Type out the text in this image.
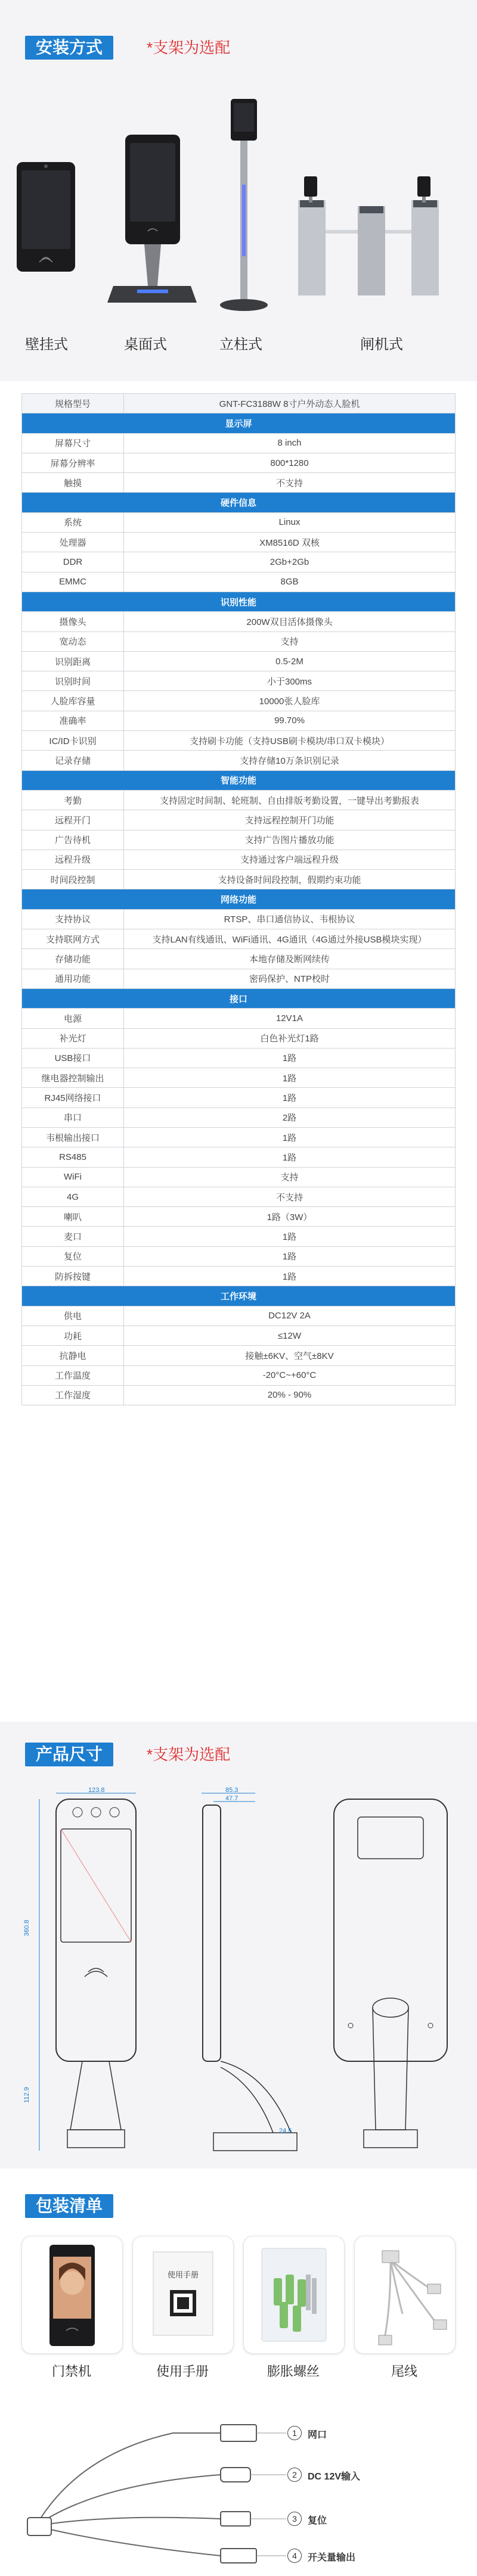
安装方式	*支架为选配
壁挂式	桌面式	立柱式	闸机式
规格型号	GNT-FC3188W 8寸户外动态人脸机
显示屏	
屏幕尺寸	8 inch
屏幕分辨率	800*1280
触摸	不支持
硬件信息	
系统	Linux
处理器	XM8516D 双核
DDR	2Gb+2Gb
EMMC	8GB
识别性能	
摄像头	200W双目活体摄像头
宽动态	支持
识别距离	0.5-2M
识别时间	小于300ms
人脸库容量	10000张人脸库
准确率	99.70%
IC/ID卡识别	支持刷卡功能（支持USB刷卡模块/串口双卡模块）
记录存储	支持存储10万条识别记录
智能功能	
考勤	支持固定时间制、轮班制、自由排版考勤设置，一键导出考勤报表
远程开门	支持远程控制开门功能
广告待机	支持广告图片播放功能
远程升级	支持通过客户端远程升级
时间段控制	支持设备时间段控制，假期约束功能
网络功能	
支持协议	RTSP、串口通信协议、韦根协议
支持联网方式	支持LAN有线通讯、WiFi通讯、4G通讯（4G通过外接USB模块实现）
存储功能	本地存储及断网续传
通用功能	密码保护、NTP校时
接口	
电源	12V1A
补光灯	白色补光灯1路
USB接口	1路
继电器控制输出	1路
RJ45网络接口	1路
串口	2路
韦根输出接口	1路
RS485	1路
WiFi	支持
4G	不支持
喇叭	1路（3W）
麦口	1路
复位	1路
防拆按键	1路
工作环境	
供电	DC12V 2A
功耗	≤12W
抗静电	接触±6KV、空气±8KV
工作温度	-20°C~+60°C
工作湿度	20% - 90%
产品尺寸	*支架为选配
123.8
360.8
112.9
85.3
47.7
24.5
包装清单
门禁机
使用手册
使用手册	膨胀螺丝	尾线
1	网口
2	DC 12V输入
3	复位
4	开关量输出
